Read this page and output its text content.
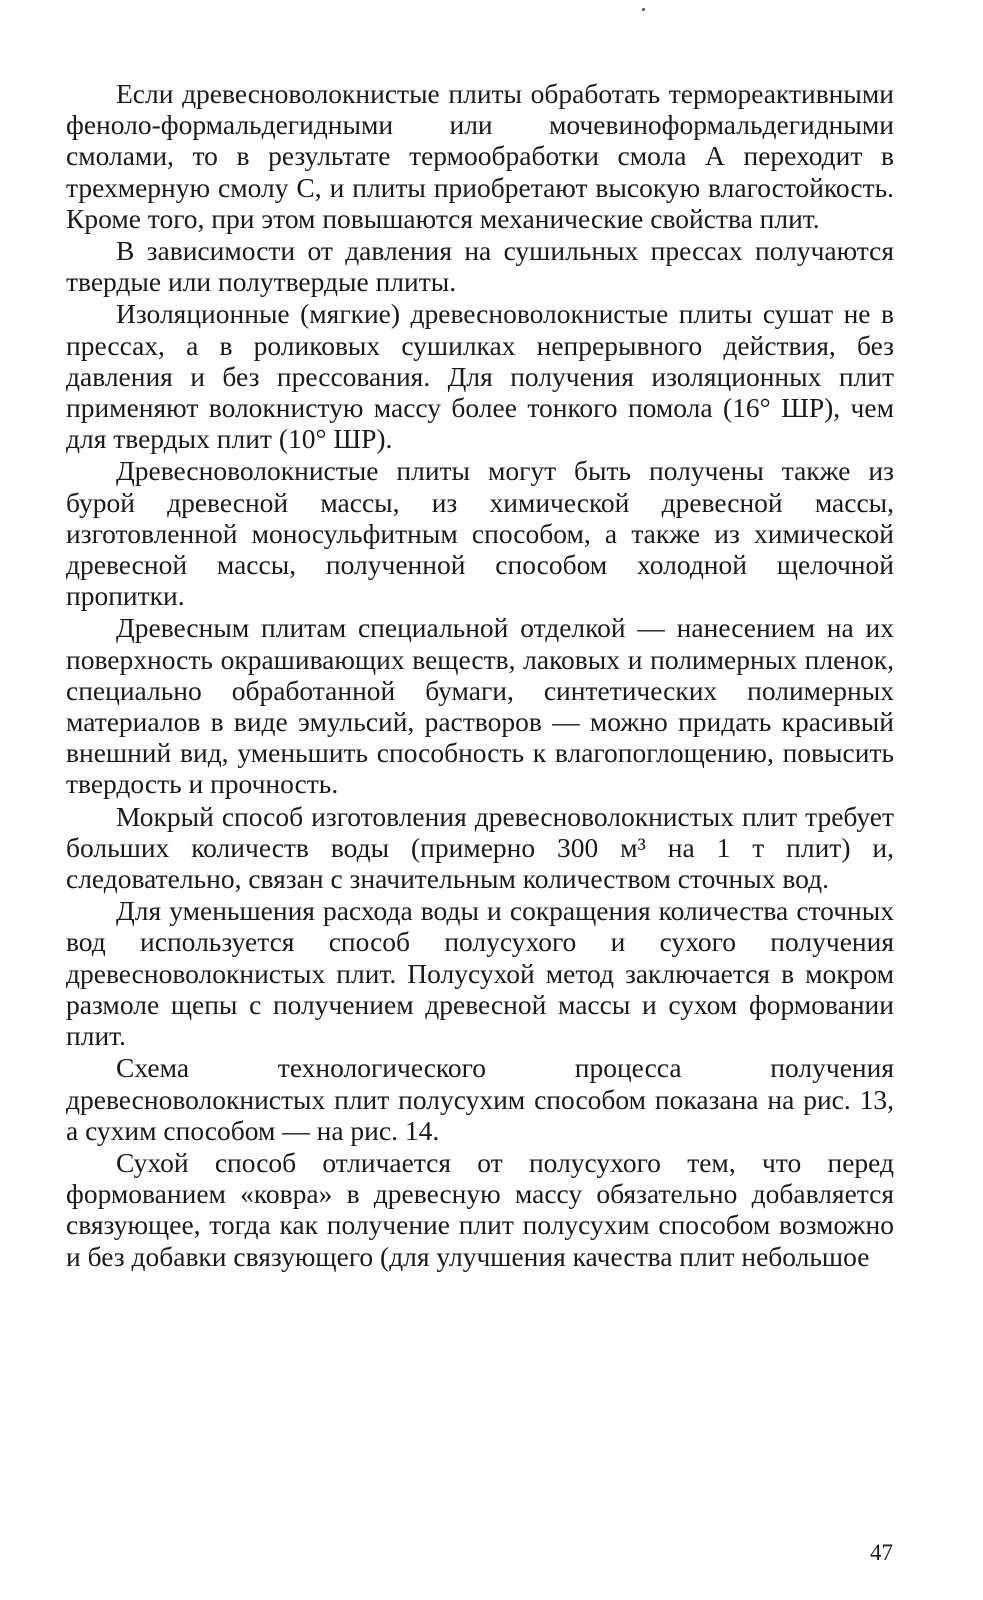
Если древесноволокнистые плиты обработать термореактивными феноло-формальдегидными или мочевиноформальдегидными смолами, то в результате термообработки смола А переходит в трехмерную смолу С, и плиты приобретают высокую влагостойкость. Кроме того, при этом повышаются механические свойства плит.

В зависимости от давления на сушильных прессах получаются твердые или полутвердые плиты.

Изоляционные (мягкие) древесноволокнистые плиты сушат не в прессах, а в роликовых сушилках непрерывного действия, без давления и без прессования. Для получения изоляционных плит применяют волокнистую массу более тонкого помола (16° ШР), чем для твердых плит (10° ШР).

Древесноволокнистые плиты могут быть получены также из бурой древесной массы, из химической древесной массы, изготовленной моносульфитным способом, а также из химической древесной массы, полученной способом холодной щелочной пропитки.

Древесным плитам специальной отделкой — нанесением на их поверхность окрашивающих веществ, лаковых и полимерных пленок, специально обработанной бумаги, синтетических полимерных материалов в виде эмульсий, растворов — можно придать красивый внешний вид, уменьшить способность к влагопоглощению, повысить твердость и прочность.

Мокрый способ изготовления древесноволокнистых плит требует больших количеств воды (примерно 300 м³ на 1 т плит) и, следовательно, связан с значительным количеством сточных вод.

Для уменьшения расхода воды и сокращения количества сточных вод используется способ полусухого и сухого получения древесноволокнистых плит. Полусухой метод заключается в мокром размоле щепы с получением древесной массы и сухом формовании плит.

Схема технологического процесса получения древесноволокнистых плит полусухим способом показана на рис. 13, а сухим способом — на рис. 14.

Сухой способ отличается от полусухого тем, что перед формованием «ковра» в древесную массу обязательно добавляется связующее, тогда как получение плит полусухим способом возможно и без добавки связующего (для улучшения качества плит небольшое

47
